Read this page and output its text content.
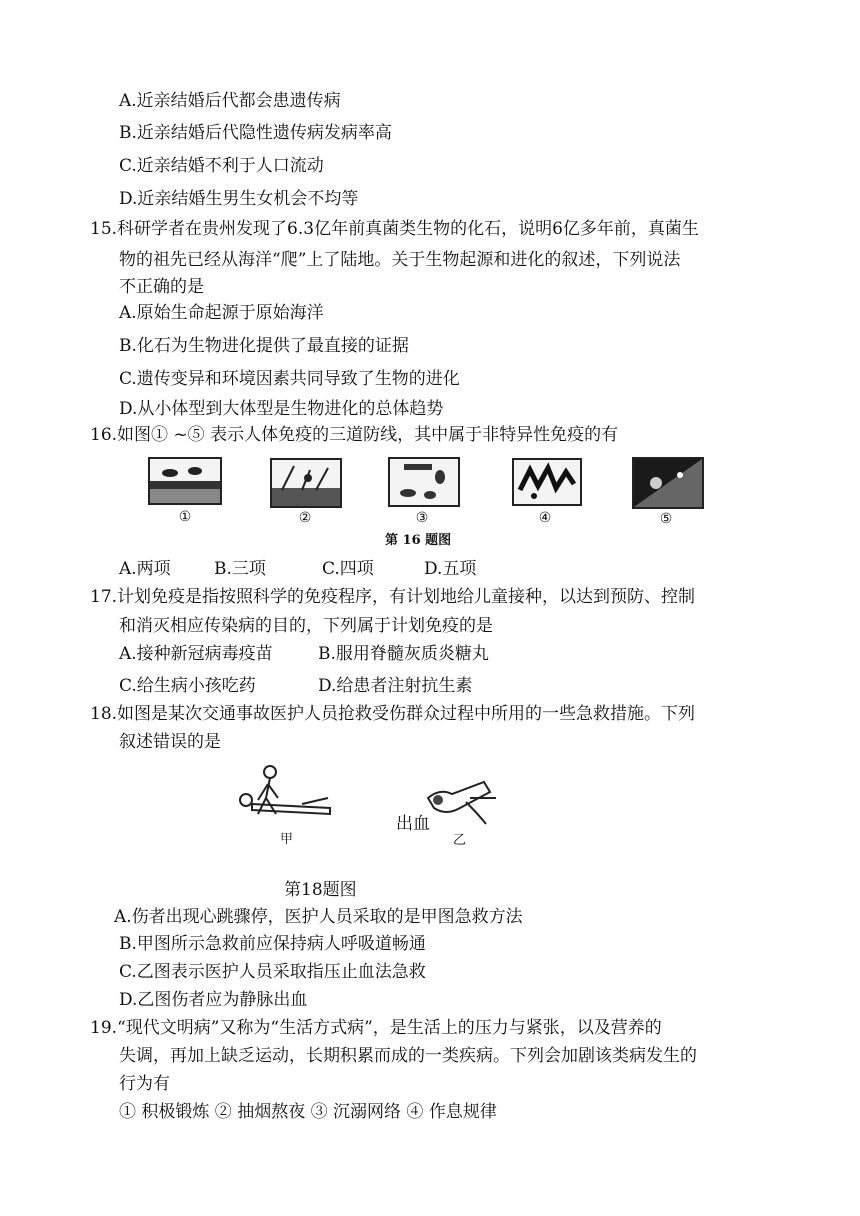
A.近亲结婚后代都会患遗传病
B.近亲结婚后代隐性遗传病发病率高
C.近亲结婚不利于人口流动
D.近亲结婚生男生女机会不均等
15.科研学者在贵州发现了6.3亿年前真菌类生物的化石，说明6亿多年前，真菌生
物的祖先已经从海洋“爬”上了陆地。关于生物起源和进化的叙述，下列说法
不正确的是
A.原始生命起源于原始海洋
B.化石为生物进化提供了最直接的证据
C.遗传变异和环境因素共同导致了生物的进化
D.从小体型到大体型是生物进化的总体趋势
16.如图① ~⑤ 表示人体免疫的三道防线，其中属于非特异性免疫的有
①	②	③	④	⑤
第 16 题图
A.两项	B.三项	C.四项	D.五项
17.计划免疫是指按照科学的免疫程序，有计划地给儿童接种，以达到预防、控制
和消灭相应传染病的目的，下列属于计划免疫的是
A.接种新冠病毒疫苗	B.服用脊髓灰质炎糖丸
C.给生病小孩吃药	D.给患者注射抗生素
18.如图是某次交通事故医护人员抢救受伤群众过程中所用的一些急救措施。下列
叙述错误的是
甲
出血
乙
第18题图
A.伤者出现心跳骤停，医护人员采取的是甲图急救方法
B.甲图所示急救前应保持病人呼吸道畅通
C.乙图表示医护人员采取指压止血法急救
D.乙图伤者应为静脉出血
19.“现代文明病”又称为“生活方式病”，是生活上的压力与紧张，以及营养的
失调，再加上缺乏运动，长期积累而成的一类疾病。下列会加剧该类病发生的
行为有
① 积极锻炼 ② 抽烟熬夜 ③ 沉溺网络 ④ 作息规律
